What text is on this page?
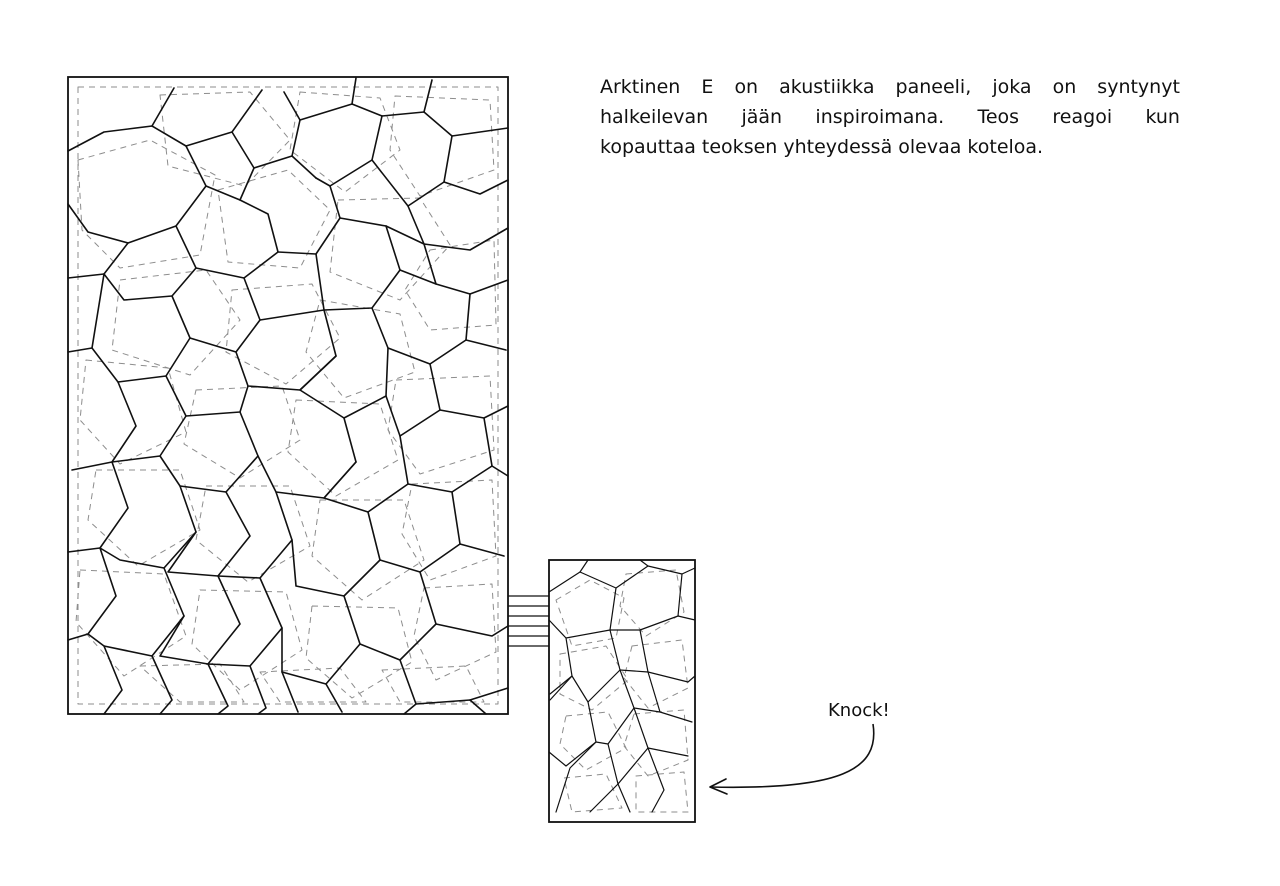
Arktinen E on akustiikka paneeli, joka on syntynyt
halkeilevan jään inspiroimana. Teos reagoi kun
kopauttaa teoksen yhteydessä olevaa koteloa.
Knock!
